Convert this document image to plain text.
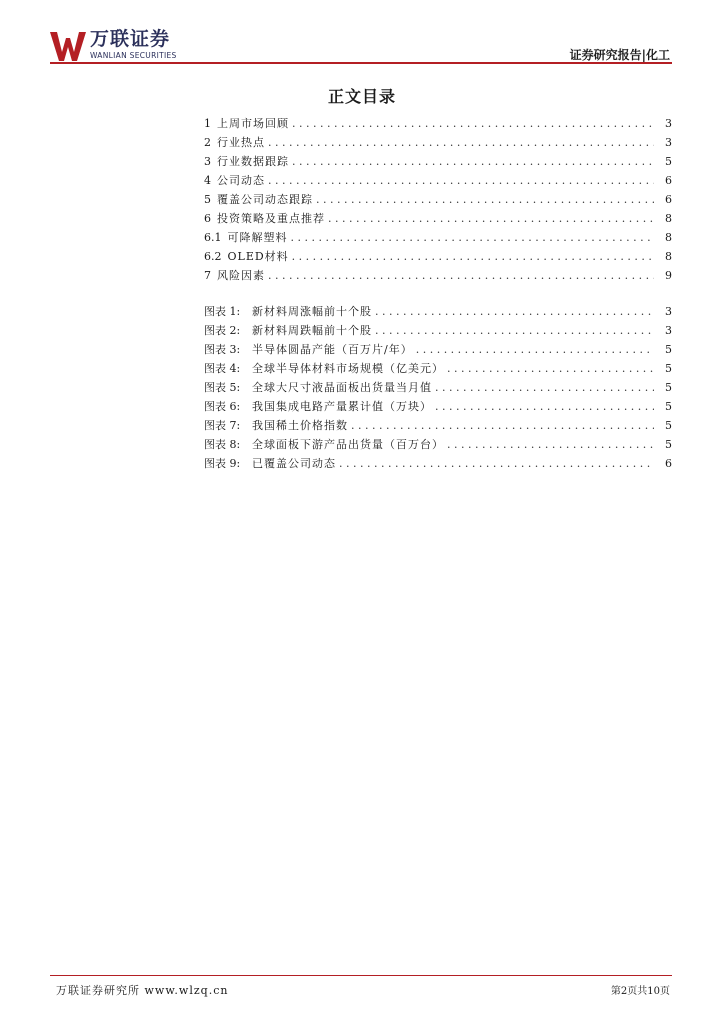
万联证券
WANLIAN SECURITIES	证券研究报告|化工
正文目录
1 上周市场回顾 . . .	3
2 行业热点 . . .	3
3 行业数据跟踪 . . .	5
4 公司动态 . . .	6
5 覆盖公司动态跟踪 . . .	6
6 投资策略及重点推荐 . . .	8
6.1 可降解塑料 . . .	8
6.2 OLED材料 . . .	8
7 风险因素 . . .	9
图表 1:	新材料周涨幅前十个股 . . .	3
图表 2:	新材料周跌幅前十个股 . . .	3
图表 3:	半导体圆晶产能（百万片/年） . . .	5
图表 4:	全球半导体材料市场规模（亿美元） . . .	5
图表 5:	全球大尺寸液晶面板出货量当月值 . . .	5
图表 6:	我国集成电路产量累计值（万块） . . .	5
图表 7:	我国稀土价格指数 . . .	5
图表 8:	全球面板下游产品出货量（百万台） . . .	5
图表 9:	已覆盖公司动态 . . .	6
万联证券研究所 www.wlzq.cn	第2页共10页
